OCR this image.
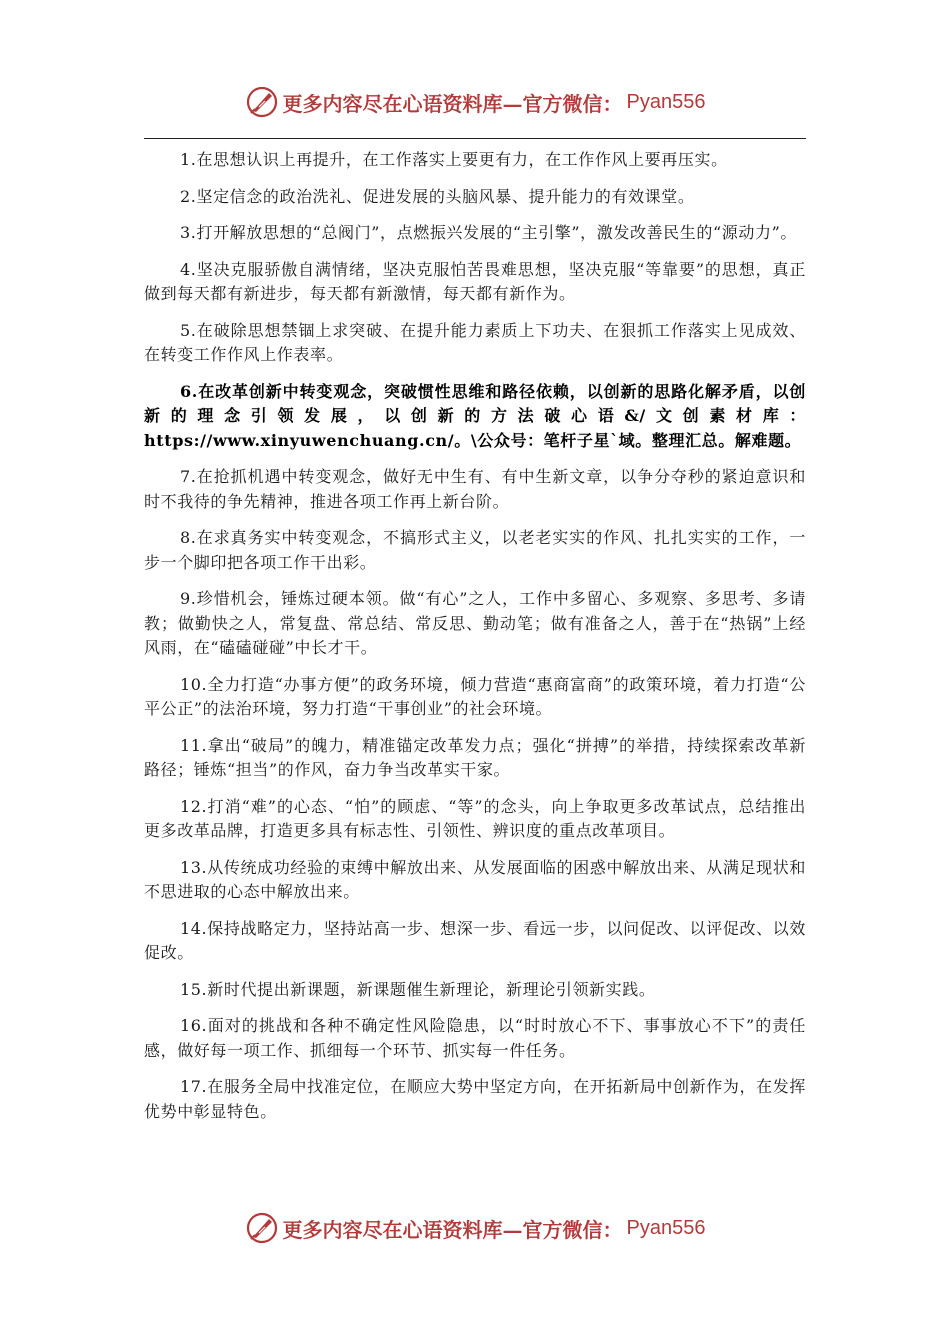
更多内容尽在心语资料库—官方微信： Pyan556

1.在思想认识上再提升，在工作落实上要更有力，在工作作风上要再压实。

2.坚定信念的政治洗礼、促进发展的头脑风暴、提升能力的有效课堂。

3.打开解放思想的“总阀门”，点燃振兴发展的“主引擎”，激发改善民生的“源动力”。

4.坚决克服骄傲自满情绪，坚决克服怕苦畏难思想，坚决克服“等靠要”的思想，真正做到每天都有新进步，每天都有新激情，每天都有新作为。

5.在破除思想禁锢上求突破、在提升能力素质上下功夫、在狠抓工作落实上见成效、在转变工作作风上作表率。

6.在改革创新中转变观念，突破惯性思维和路径依赖，以创新的思路化解矛盾，以创新的理念引领发展，以创新的方法破心语&/文创素材库：https://www.xinyuwenchuang.cn/。\公众号：笔杆子星`域。整理汇总。解难题。

7.在抢抓机遇中转变观念，做好无中生有、有中生新文章，以争分夺秒的紧迫意识和时不我待的争先精神，推进各项工作再上新台阶。

8.在求真务实中转变观念，不搞形式主义，以老老实实的作风、扎扎实实的工作，一步一个脚印把各项工作干出彩。

9.珍惜机会，锤炼过硬本领。做“有心”之人，工作中多留心、多观察、多思考、多请教；做勤快之人，常复盘、常总结、常反思、勤动笔；做有准备之人，善于在“热锅”上经风雨，在“磕磕碰碰”中长才干。

10.全力打造“办事方便”的政务环境，倾力营造“惠商富商”的政策环境，着力打造“公平公正”的法治环境，努力打造“干事创业”的社会环境。

11.拿出“破局”的魄力，精准锚定改革发力点；强化“拼搏”的举措，持续探索改革新路径；锤炼“担当”的作风，奋力争当改革实干家。

12.打消“难”的心态、“怕”的顾虑、“等”的念头，向上争取更多改革试点，总结推出更多改革品牌，打造更多具有标志性、引领性、辨识度的重点改革项目。

13.从传统成功经验的束缚中解放出来、从发展面临的困惑中解放出来、从满足现状和不思进取的心态中解放出来。

14.保持战略定力，坚持站高一步、想深一步、看远一步，以问促改、以评促改、以效促改。

15.新时代提出新课题，新课题催生新理论，新理论引领新实践。

16.面对的挑战和各种不确定性风险隐患，以“时时放心不下、事事放心不下”的责任感，做好每一项工作、抓细每一个环节、抓实每一件任务。

17.在服务全局中找准定位，在顺应大势中坚定方向，在开拓新局中创新作为，在发挥优势中彰显特色。

更多内容尽在心语资料库—官方微信： Pyan556
